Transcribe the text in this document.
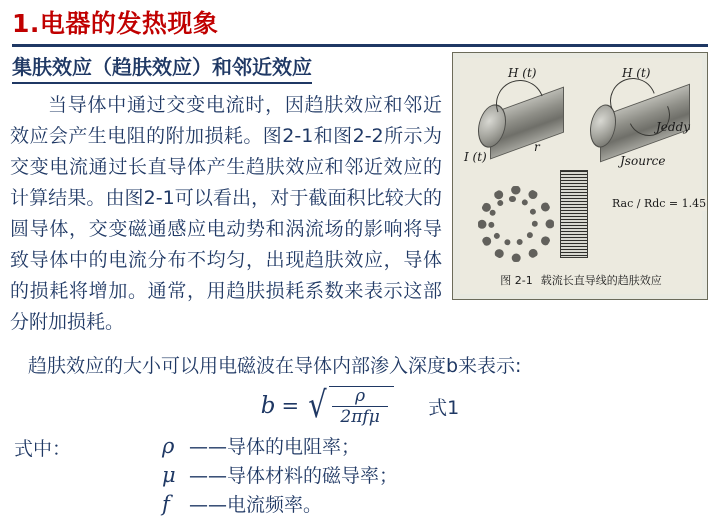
1.电器的发热现象
集肤效应（趋肤效应）和邻近效应
当导体中通过交变电流时，因趋肤效应和邻近效应会产生电阻的附加损耗。图2-1和图2-2所示为交变电流通过长直导体产生趋肤效应和邻近效应的计算结果。由图2-1可以看出，对于截面积比较大的圆导体，交变磁通感应电动势和涡流场的影响将导致导体中的电流分布不均匀，出现趋肤效应，导体的损耗将增加。通常，用趋肤损耗系数来表示这部分附加损耗。
趋肤效应的大小可以用电磁波在导体内部渗入深度b来表示:
b = √ $\frac{\rho}{\text{2πfμ}}$ 式1
式中：	ρ ——导体的电阻率；
μ ——导体材料的磁导率；
f	——电流频率。
H (t)	H (t)
I (t)
r
Jeddy
Jsource
Rac / Rdc = 1.45
图 2-1 载流长直导线的趋肤效应
